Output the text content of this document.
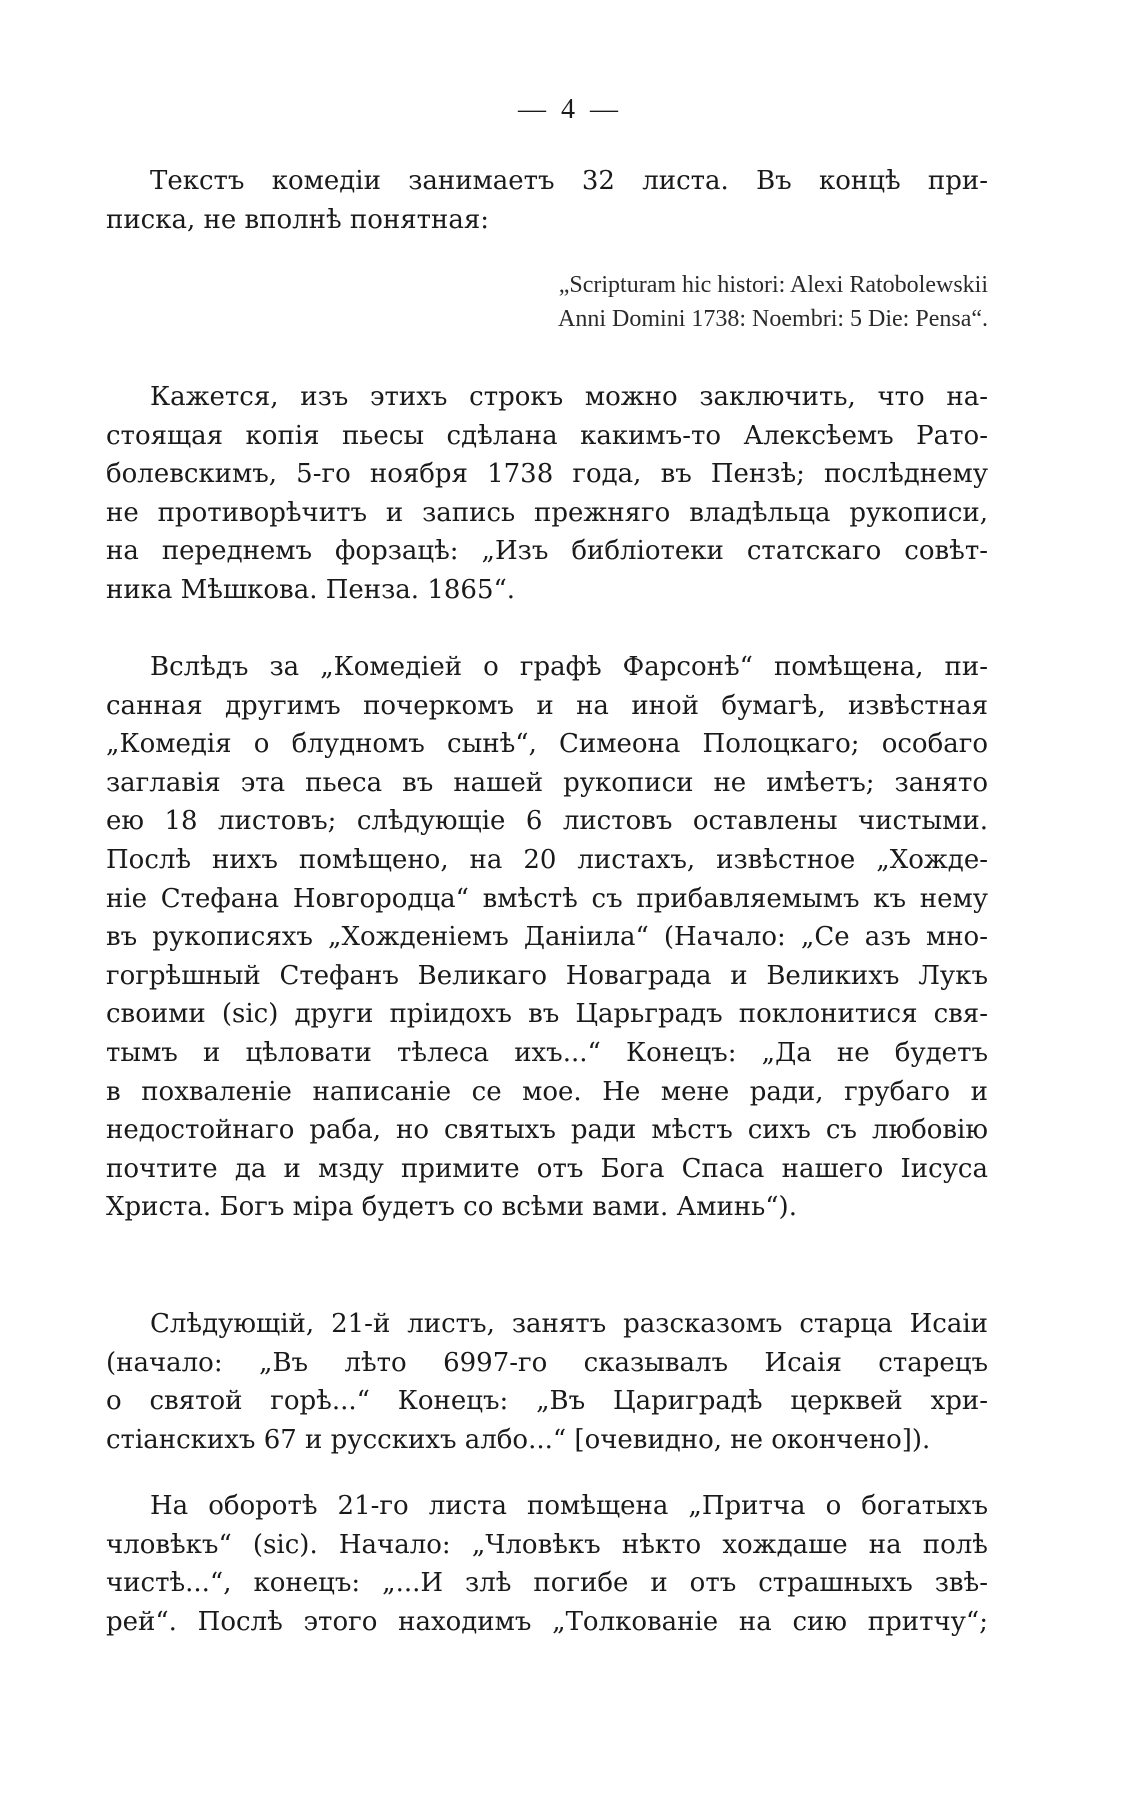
— 4 —
Текстъ комедіи занимаетъ 32 листа. Въ концѣ при-
писка, не вполнѣ понятная:
„Scripturam hic histori: Alexi Ratobolewskii
Anni Domini 1738: Noembri: 5 Die: Pensa“.
Кажется, изъ этихъ строкъ можно заключить, что на-
стоящая копія пьесы сдѣлана какимъ-то Алексѣемъ Рато-
болевскимъ, 5-го ноября 1738 года, въ Пензѣ; послѣднему
не противорѣчитъ и запись прежняго владѣльца рукописи,
на переднемъ форзацѣ: „Изъ библіотеки статскаго совѣт-
ника Мѣшкова. Пенза. 1865“.
Вслѣдъ за „Комедіей о графѣ Фарсонѣ“ помѣщена, пи-
санная другимъ почеркомъ и на иной бумагѣ, извѣстная
„Комедія о блудномъ сынѣ“, Симеона Полоцкаго; особаго
заглавія эта пьеса въ нашей рукописи не имѣетъ; занято
ею 18 листовъ; слѣдующіе 6 листовъ оставлены чистыми.
Послѣ нихъ помѣщено, на 20 листахъ, извѣстное „Хожде-
ніе Стефана Новгородца“ вмѣстѣ съ прибавляемымъ къ нему
въ рукописяхъ „Хожденіемъ Даніила“ (Начало: „Се азъ мно-
гогрѣшный Стефанъ Великаго Новаграда и Великихъ Лукъ
своими (sic) други пріидохъ въ Царьградъ поклонитися свя-
тымъ и цѣловати тѣлеса ихъ...“ Конецъ: „Да не будетъ
в похваленіе написаніе се мое. Не мене ради, грубаго и
недостойнаго раба, но святыхъ ради мѣстъ сихъ съ любовію
почтите да и мзду примите отъ Бога Спаса нашего Іисуса
Христа. Богъ міра будетъ со всѣми вами. Аминь“).
Слѣдующій, 21-й листъ, занятъ разсказомъ старца Исаіи
(начало: „Въ лѣто 6997-го сказывалъ Исаія старецъ
о святой горѣ...“ Конецъ: „Въ Цариградѣ церквей хри-
стіанскихъ 67 и русскихъ албо...“ [очевидно, не окончено]).
На оборотѣ 21-го листа помѣщена „Притча о богатыхъ
чловѣкъ“ (sic). Начало: „Чловѣкъ нѣкто хождаше на полѣ
чистѣ...“, конецъ: „...И злѣ погибе и отъ страшныхъ звѣ-
рей“. Послѣ этого находимъ „Толкованіе на сию притчу“;
